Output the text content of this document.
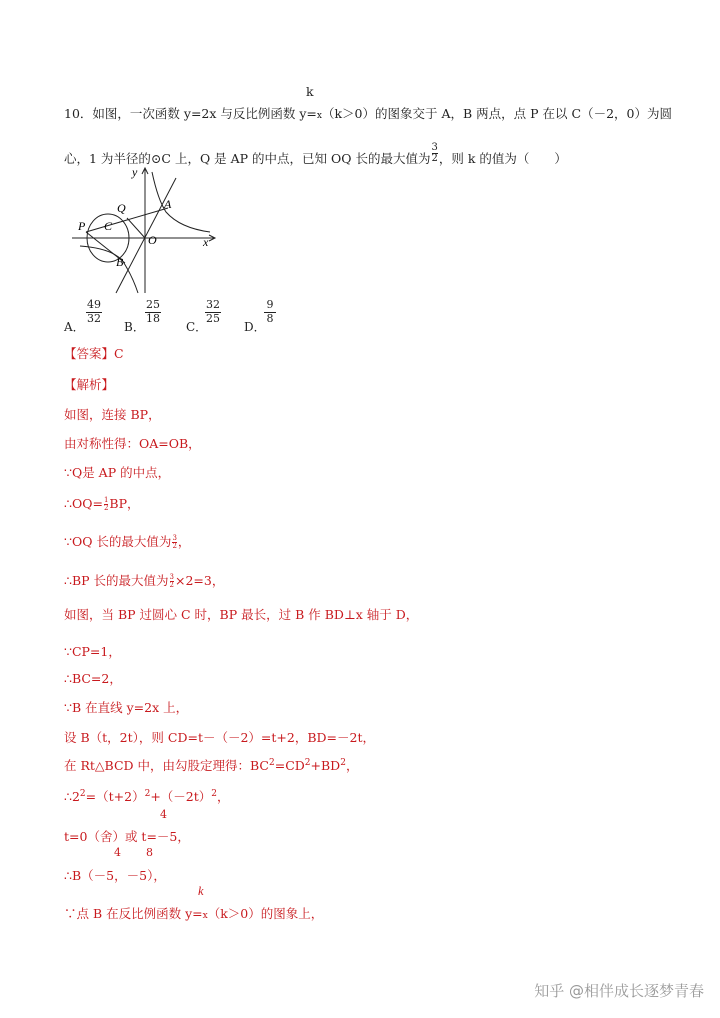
k
10．如图，一次函数 y=2x 与反比例函数 y=x（k＞0）的图象交于 A，B 两点，点 P 在以 C（－2，0）为圆
心，1 为半径的⊙C 上，Q 是 AP 的中点，已知 OQ 长的最大值为 $\frac{3}{2}$ ，则 k 的值为（　　）
y
x
A
B
C
O
Q
P
A．
$\frac{49}{32}$
B．
$\frac{25}{18}$
C．
$\frac{32}{25}$
D．
$\frac{9}{8}$
【答案】C
【解析】
如图，连接 BP，
由对称性得：OA=OB，
∵Q是 AP 的中点，
∴OQ= $\frac{1}{2}$ BP，
∵OQ 长的最大值为 $\frac{3}{2}$ ，
∴BP 长的最大值为 $\frac{3}{2} \times 2=3$，
如图，当 BP 过圆心 C 时，BP 最长，过 B 作 BD⊥x 轴于 D，
∵CP=1，
∴BC=2，
∵B 在直线 y=2x 上，
设 B（t，2t），则 CD=t－（－2）=t+2，BD=－2t，
在 Rt△BCD 中，由勾股定理得：$BC^2=CD^2+BD^2$，
$\therefore 2^2=(t+2)^2+(-2t)^2$，
4
t=0（舍）或 t=－5，
4 8
∴B（－5，－5），
k
∵点 B 在反比例函数 y=x（k＞0）的图象上，
知乎 @相伴成长逐梦青春
